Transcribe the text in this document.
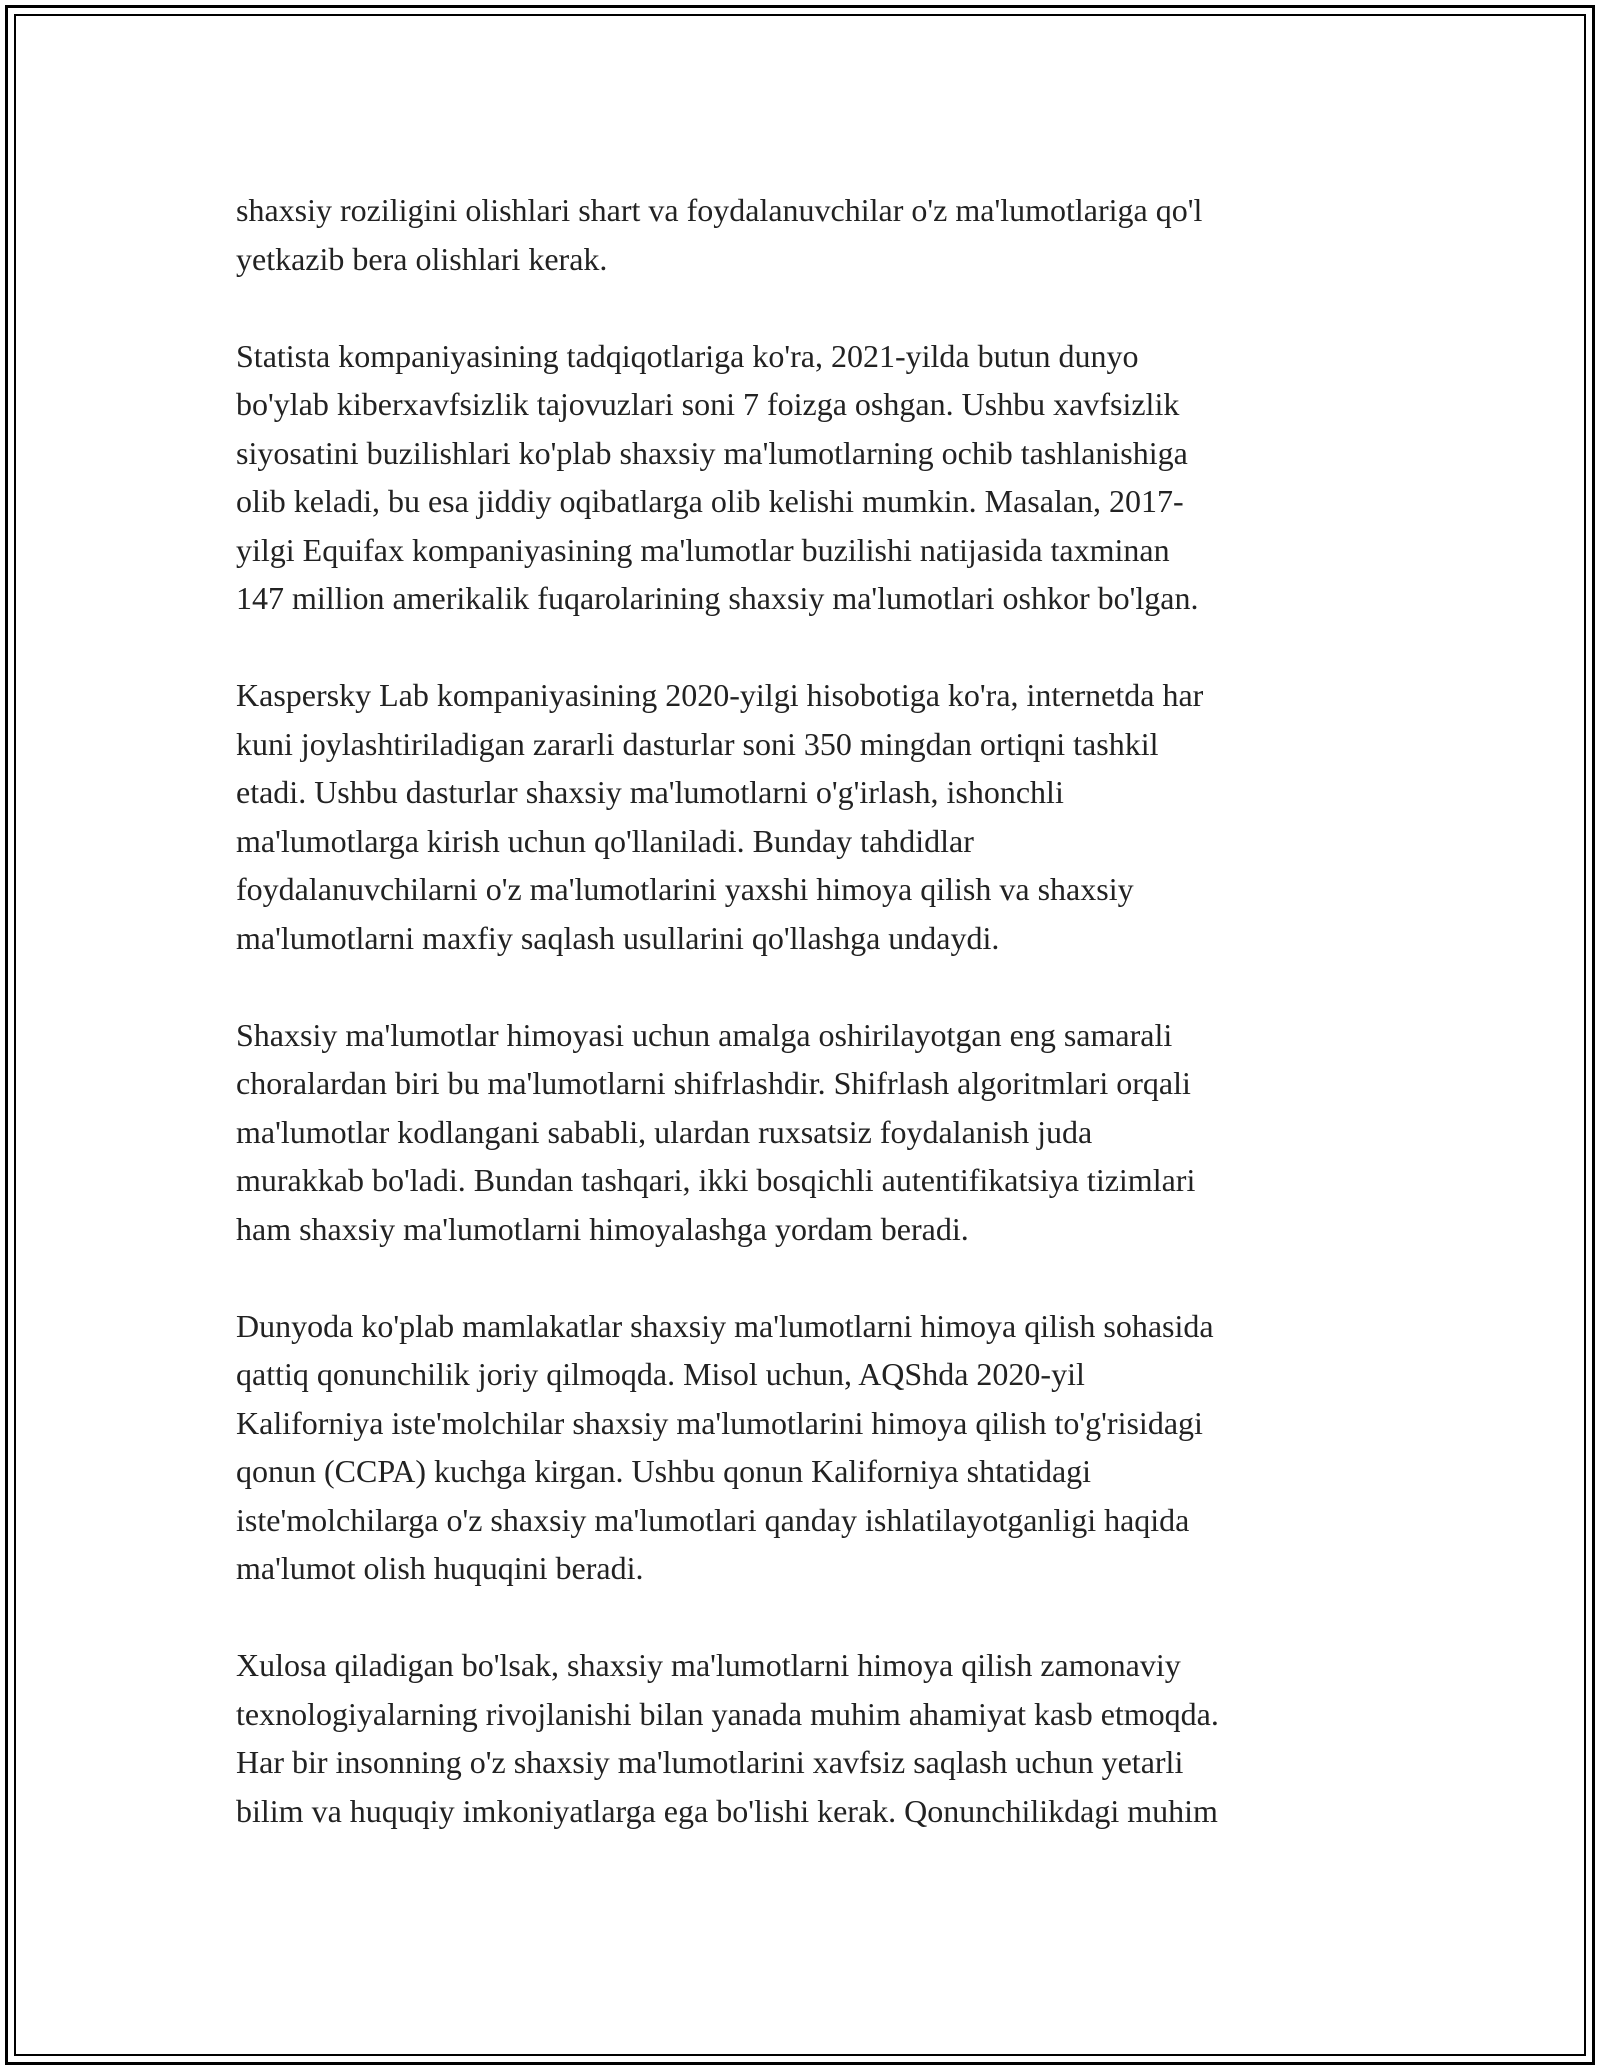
shaxsiy roziligini olishlari shart va foydalanuvchilar o'z ma'lumotlariga qo'l
yetkazib bera olishlari kerak.

Statista kompaniyasining tadqiqotlariga ko'ra, 2021-yilda butun dunyo
bo'ylab kiberxavfsizlik tajovuzlari soni 7 foizga oshgan. Ushbu xavfsizlik
siyosatini buzilishlari ko'plab shaxsiy ma'lumotlarning ochib tashlanishiga
olib keladi, bu esa jiddiy oqibatlarga olib kelishi mumkin. Masalan, 2017-
yilgi Equifax kompaniyasining ma'lumotlar buzilishi natijasida taxminan
147 million amerikalik fuqarolarining shaxsiy ma'lumotlari oshkor bo'lgan.

Kaspersky Lab kompaniyasining 2020-yilgi hisobotiga ko'ra, internetda har
kuni joylashtiriladigan zararli dasturlar soni 350 mingdan ortiqni tashkil
etadi. Ushbu dasturlar shaxsiy ma'lumotlarni o'g'irlash, ishonchli
ma'lumotlarga kirish uchun qo'llaniladi. Bunday tahdidlar
foydalanuvchilarni o'z ma'lumotlarini yaxshi himoya qilish va shaxsiy
ma'lumotlarni maxfiy saqlash usullarini qo'llashga undaydi.

Shaxsiy ma'lumotlar himoyasi uchun amalga oshirilayotgan eng samarali
choralardan biri bu ma'lumotlarni shifrlashdir. Shifrlash algoritmlari orqali
ma'lumotlar kodlangani sababli, ulardan ruxsatsiz foydalanish juda
murakkab bo'ladi. Bundan tashqari, ikki bosqichli autentifikatsiya tizimlari
ham shaxsiy ma'lumotlarni himoyalashga yordam beradi.

Dunyoda ko'plab mamlakatlar shaxsiy ma'lumotlarni himoya qilish sohasida
qattiq qonunchilik joriy qilmoqda. Misol uchun, AQShda 2020-yil
Kaliforniya iste'molchilar shaxsiy ma'lumotlarini himoya qilish to'g'risidagi
qonun (CCPA) kuchga kirgan. Ushbu qonun Kaliforniya shtatidagi
iste'molchilarga o'z shaxsiy ma'lumotlari qanday ishlatilayotganligi haqida
ma'lumot olish huquqini beradi.

Xulosa qiladigan bo'lsak, shaxsiy ma'lumotlarni himoya qilish zamonaviy
texnologiyalarning rivojlanishi bilan yanada muhim ahamiyat kasb etmoqda.
Har bir insonning o'z shaxsiy ma'lumotlarini xavfsiz saqlash uchun yetarli
bilim va huquqiy imkoniyatlarga ega bo'lishi kerak. Qonunchilikdagi muhim
